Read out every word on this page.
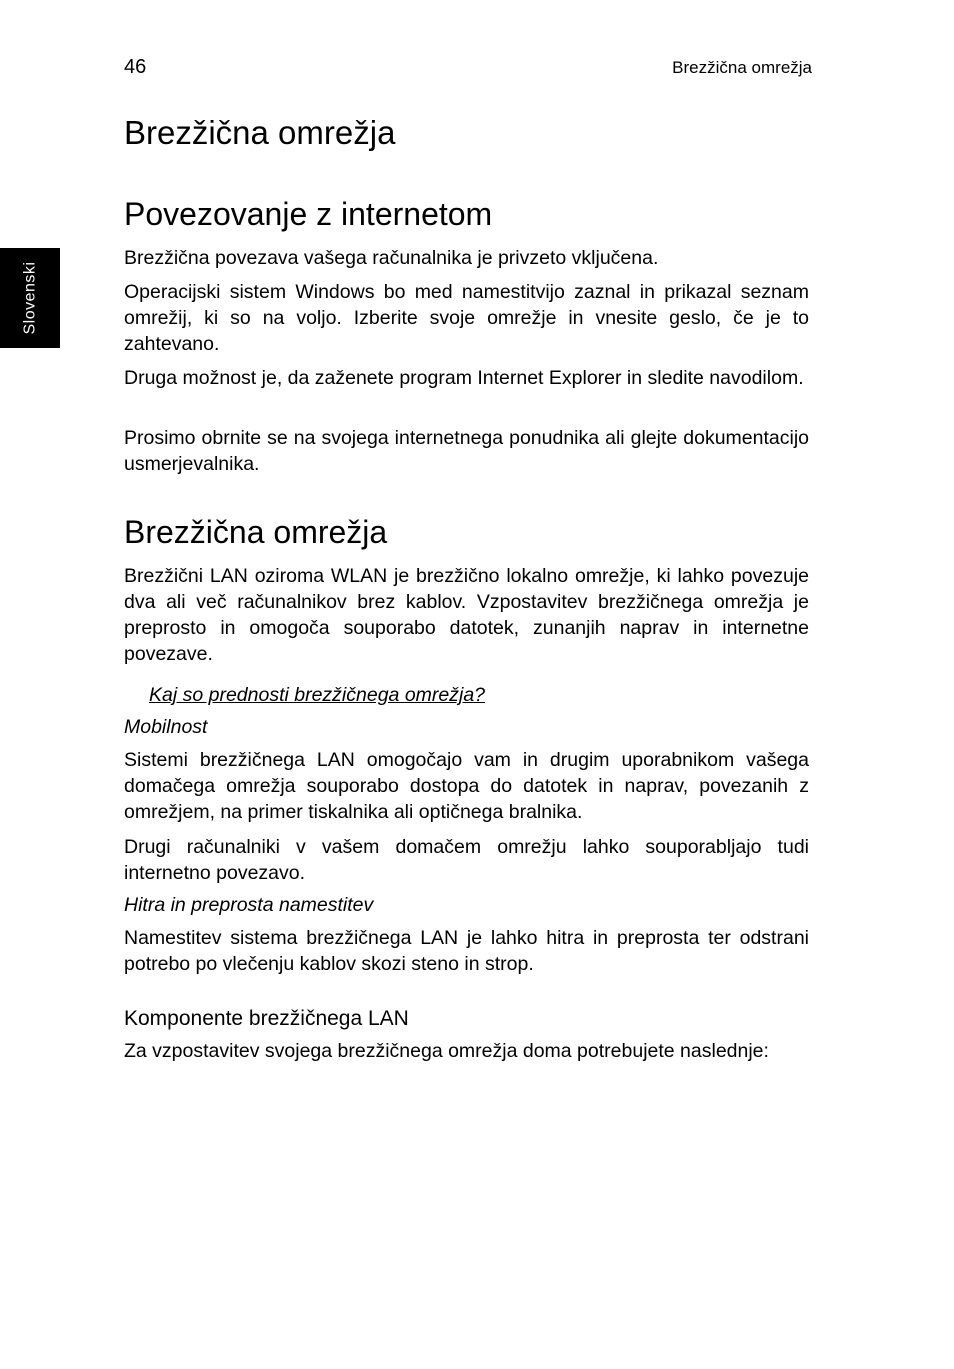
46	Brezžična omrežja
Slovenski
Brezžična omrežja
Povezovanje z internetom

Brezžična povezava vašega računalnika je privzeto vključena.

Operacijski sistem Windows bo med namestitvijo zaznal in prikazal seznam omrežij, ki so na voljo. Izberite svoje omrežje in vnesite geslo, če je to zahtevano.

Druga možnost je, da zaženete program Internet Explorer in sledite navodilom.

Prosimo obrnite se na svojega internetnega ponudnika ali glejte dokumentacijo usmerjevalnika.

Brezžična omrežja

Brezžični LAN oziroma WLAN je brezžično lokalno omrežje, ki lahko povezuje dva ali več računalnikov brez kablov. Vzpostavitev brezžičnega omrežja je preprosto in omogoča souporabo datotek, zunanjih naprav in internetne povezave.

Kaj so prednosti brezžičnega omrežja?
Mobilnost

Sistemi brezžičnega LAN omogočajo vam in drugim uporabnikom vašega domačega omrežja souporabo dostopa do datotek in naprav, povezanih z omrežjem, na primer tiskalnika ali optičnega bralnika.

Drugi računalniki v vašem domačem omrežju lahko souporabljajo tudi internetno povezavo.

Hitra in preprosta namestitev

Namestitev sistema brezžičnega LAN je lahko hitra in preprosta ter odstrani potrebo po vlečenju kablov skozi steno in strop.

Komponente brezžičnega LAN

Za vzpostavitev svojega brezžičnega omrežja doma potrebujete naslednje:
